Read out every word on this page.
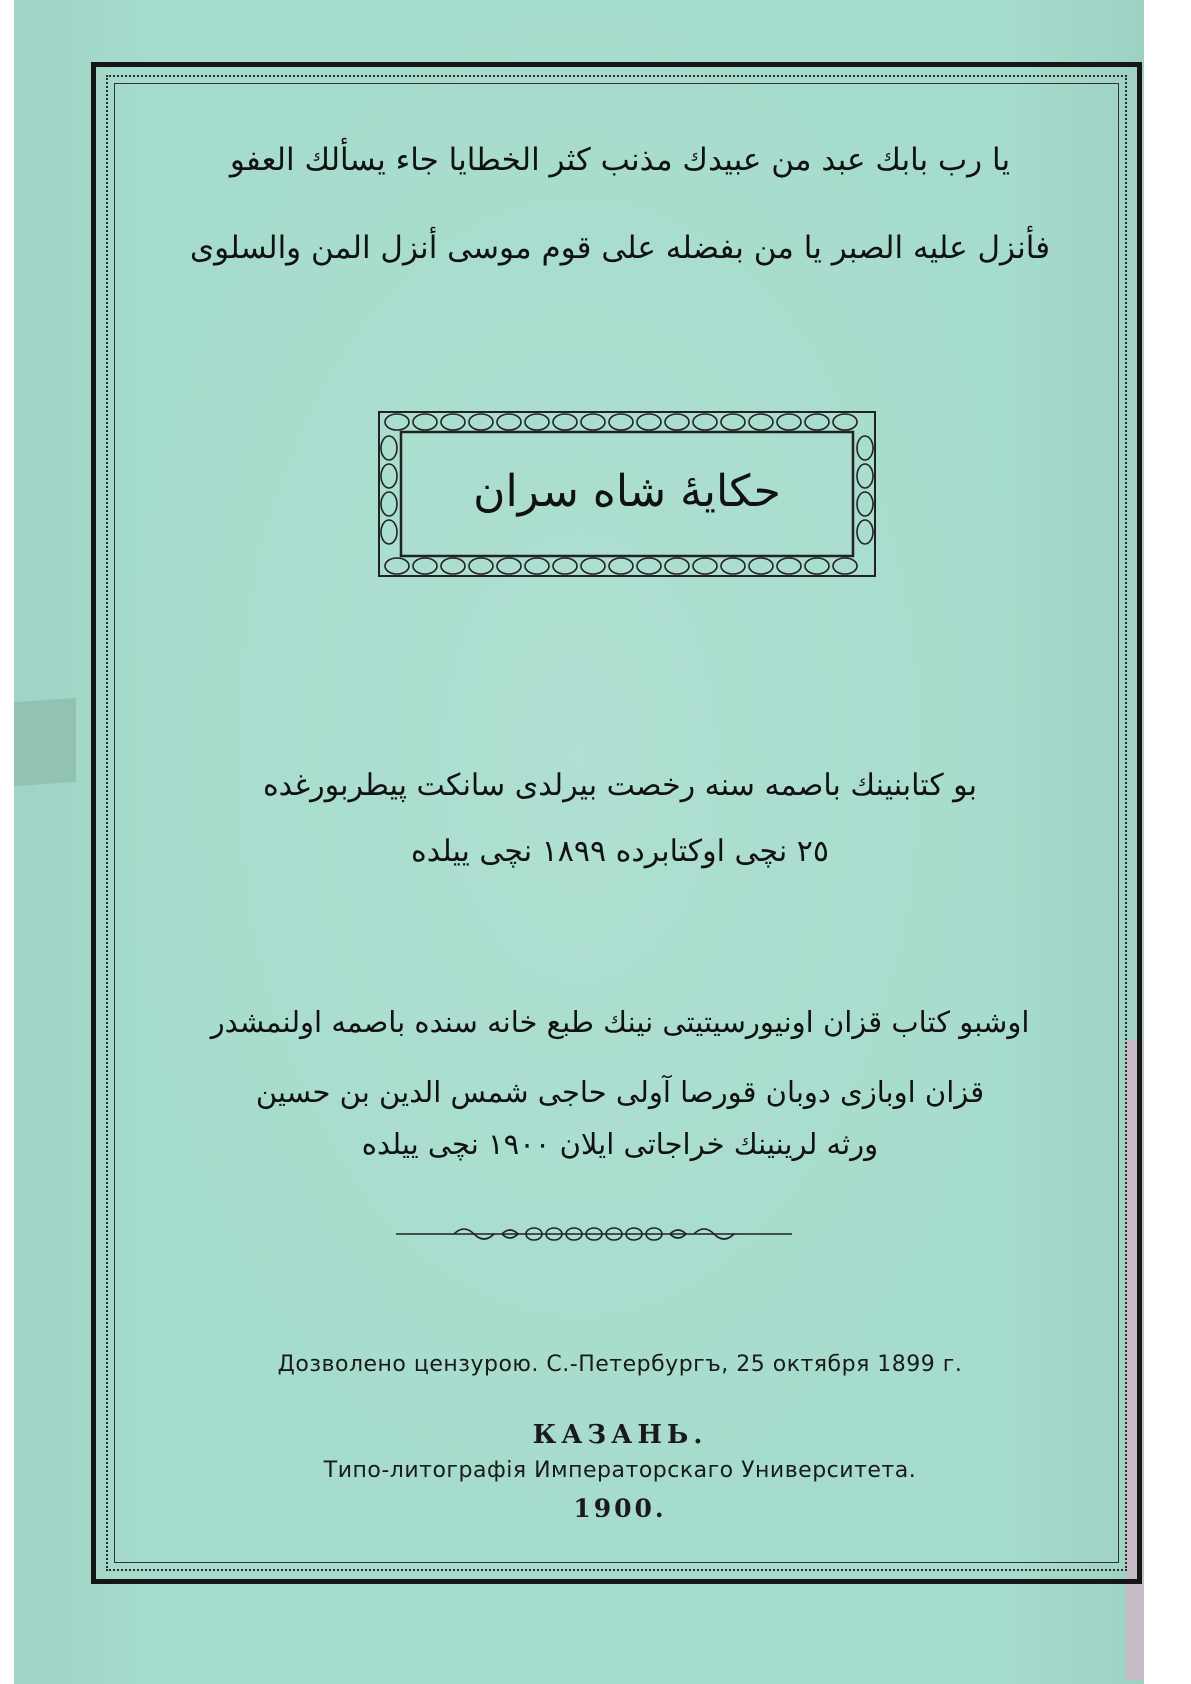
يا رب بابك عبد من عبيدك مذنب كثر الخطايا جاء يسألك العفو
فأنزل عليه الصبر يا من بفضله على قوم موسى أنزل المن والسلوى
حكايۀ شاه سران
بو كتابنينك باصمه سنه رخصت بيرلدى سانكت پيطربورغده
٢٥ نچى اوكتابرده ١٨٩٩ نچى ييلده
اوشبو كتاب قزان اونيورسيتيتى نينك طبع خانه سنده باصمه اولنمشدر
قزان اوبازى دوبان قورصا آولى حاجى شمس الدين بن حسين
ورثه لرينينك خراجاتى ايلان ١٩٠٠ نچى ييلده
Дозволено цензурою. С.-Петербургъ, 25 октября 1899 г.
КАЗАНЬ.
Типо-литографія Императорскаго Университета.
1900.
